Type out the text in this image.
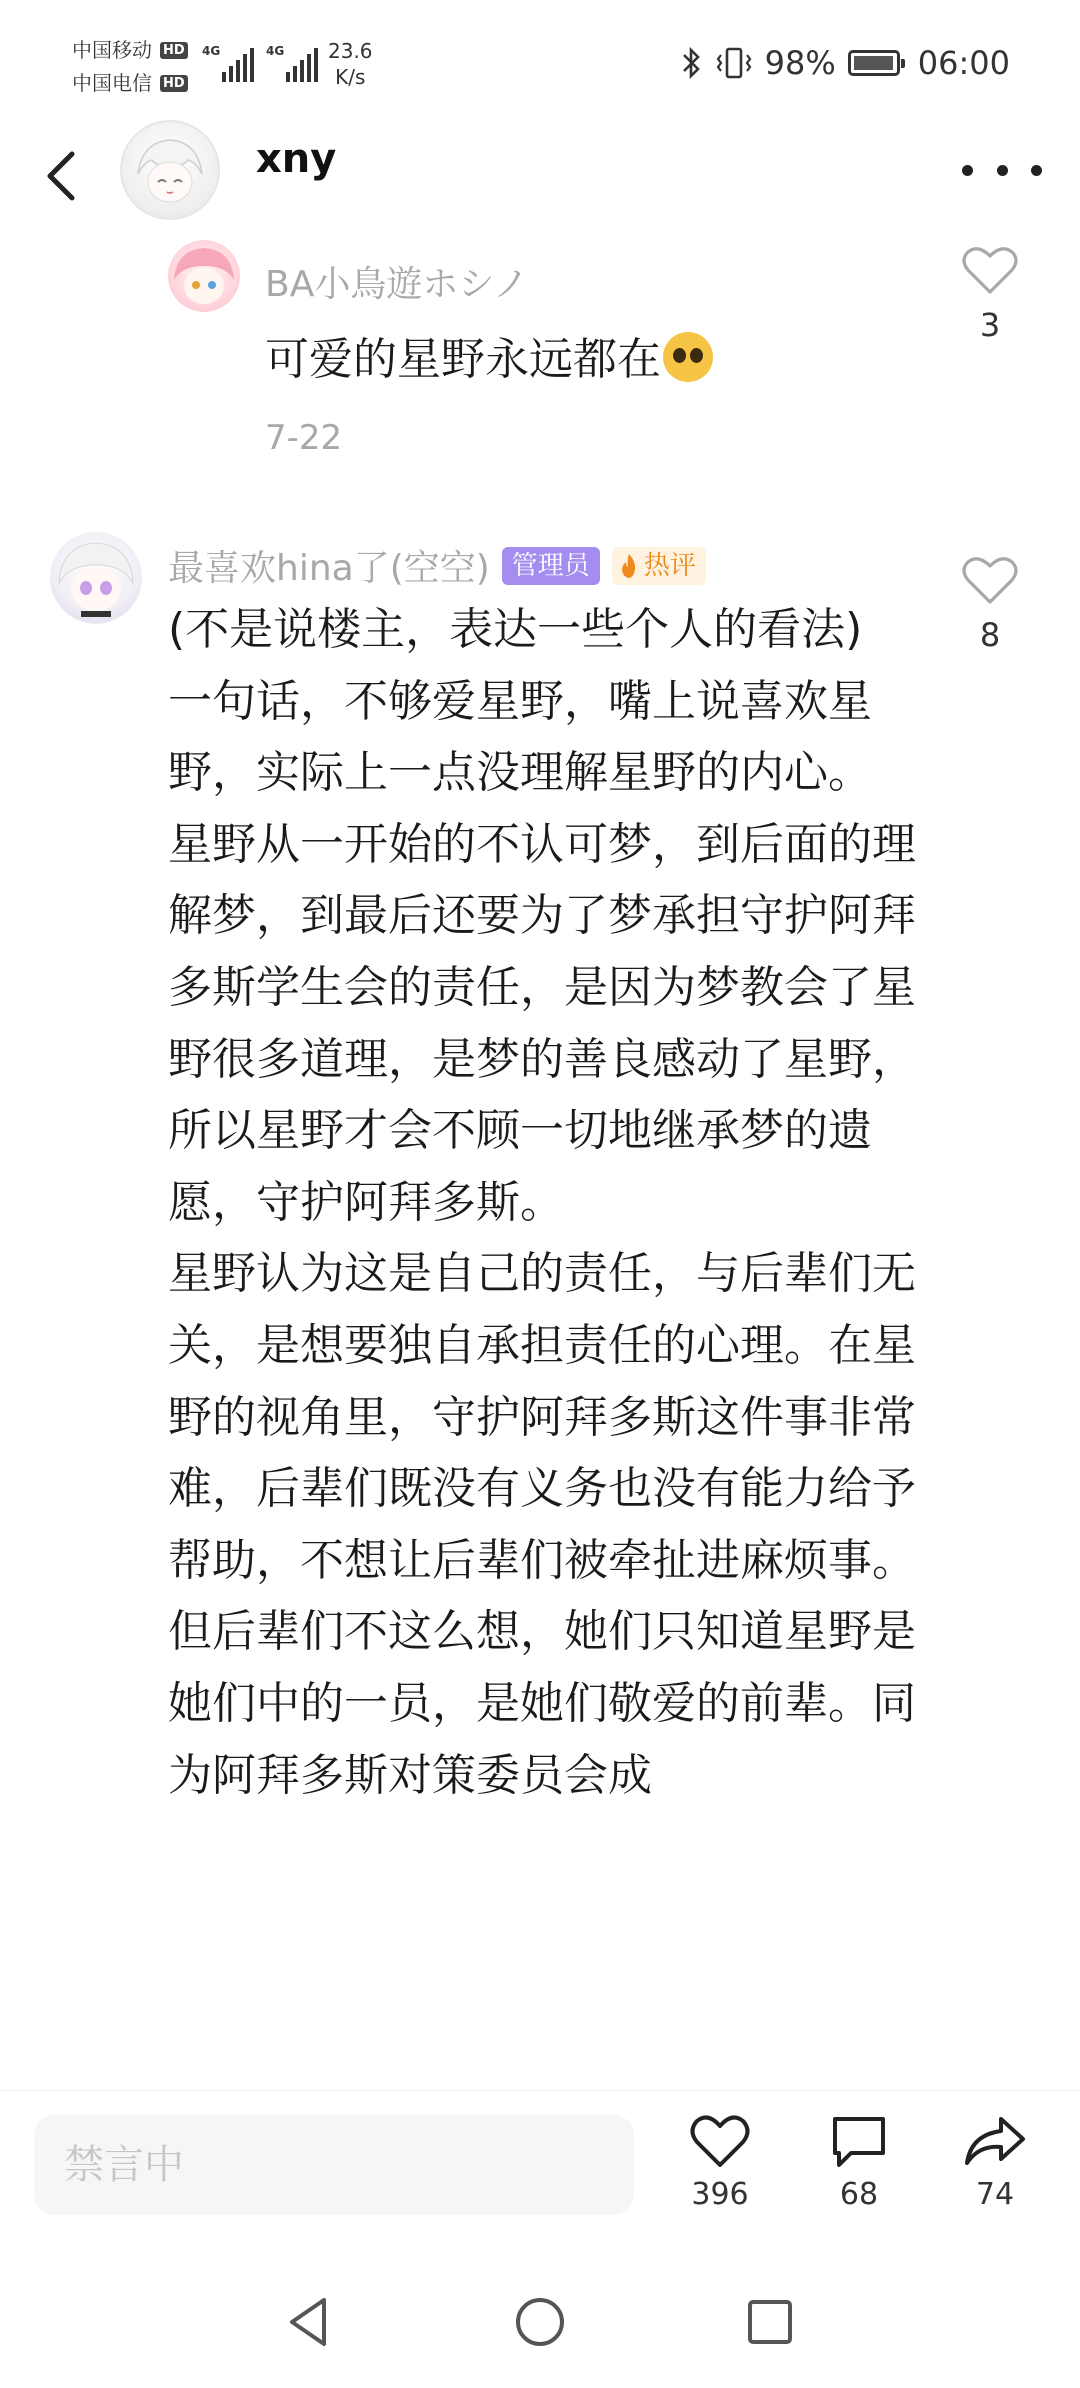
中国移动 HD
中国电信 HD
4G	4G 23.6
K/s	98%	06:00
xny
BA小鳥遊ホシノ
可爱的星野永远都在
7-22
3
最喜欢hina了(空空) 管理员	热评

(不是说楼主，表达一些个人的看法)

一句话，不够爱星野，嘴上说喜欢星野，实际上一点没理解星野的内心。

星野从一开始的不认可梦，到后面的理解梦，到最后还要为了梦承担守护阿拜多斯学生会的责任，是因为梦教会了星野很多道理，是梦的善良感动了星野，所以星野才会不顾一切地继承梦的遗愿，守护阿拜多斯。

星野认为这是自己的责任，与后辈们无关，是想要独自承担责任的心理。在星野的视角里，守护阿拜多斯这件事非常难，后辈们既没有义务也没有能力给予帮助，不想让后辈们被牵扯进麻烦事。

但后辈们不这么想，她们只知道星野是她们中的一员，是她们敬爱的前辈。同为阿拜多斯对策委员会成

8
禁言中
396	68	74
